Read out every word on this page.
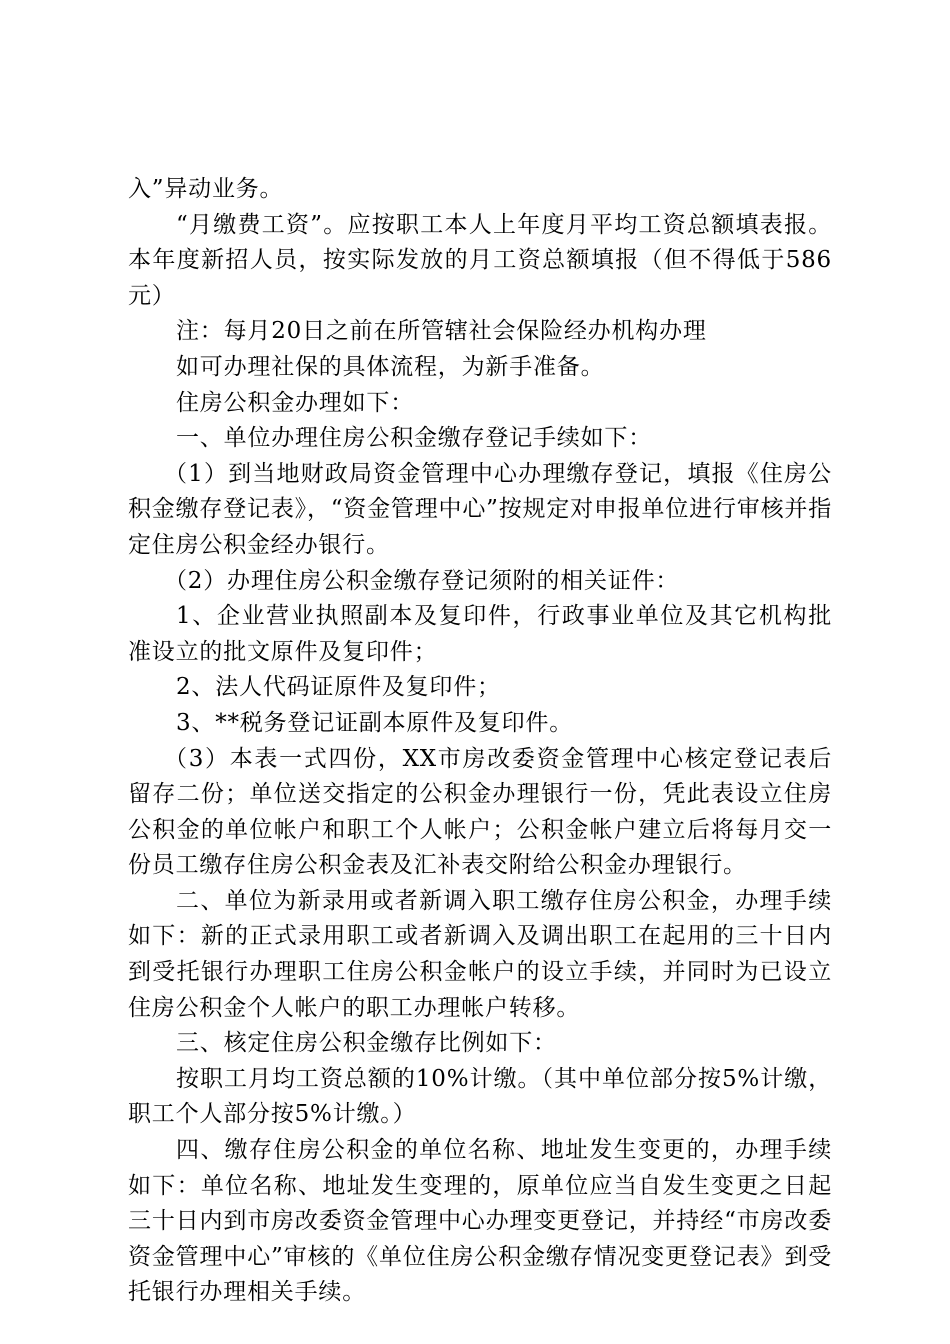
入”异动业务。

“月缴费工资”。应按职工本人上年度月平均工资总额填表报。本年度新招人员，按实际发放的月工资总额填报（但不得低于586元）

注：每月20日之前在所管辖社会保险经办机构办理

如可办理社保的具体流程，为新手准备。

住房公积金办理如下：

一、单位办理住房公积金缴存登记手续如下：

（1）到当地财政局资金管理中心办理缴存登记，填报《住房公积金缴存登记表》，“资金管理中心”按规定对申报单位进行审核并指定住房公积金经办银行。

（2）办理住房公积金缴存登记须附的相关证件：

1、企业营业执照副本及复印件，行政事业单位及其它机构批准设立的批文原件及复印件；

2、法人代码证原件及复印件；

3、**税务登记证副本原件及复印件。

（3）本表一式四份，XX市房改委资金管理中心核定登记表后留存二份；单位送交指定的公积金办理银行一份，凭此表设立住房公积金的单位帐户和职工个人帐户；公积金帐户建立后将每月交一份员工缴存住房公积金表及汇补表交附给公积金办理银行。

二、单位为新录用或者新调入职工缴存住房公积金，办理手续如下：新的正式录用职工或者新调入及调出职工在起用的三十日内到受托银行办理职工住房公积金帐户的设立手续，并同时为已设立住房公积金个人帐户的职工办理帐户转移。

三、核定住房公积金缴存比例如下：

按职工月均工资总额的10%计缴。（其中单位部分按5%计缴，职工个人部分按5%计缴。）

四、缴存住房公积金的单位名称、地址发生变更的，办理手续如下：单位名称、地址发生变理的，原单位应当自发生变更之日起三十日内到市房改委资金管理中心办理变更登记，并持经“市房改委资金管理中心”审核的《单位住房公积金缴存情况变更登记表》到受托银行办理相关手续。
